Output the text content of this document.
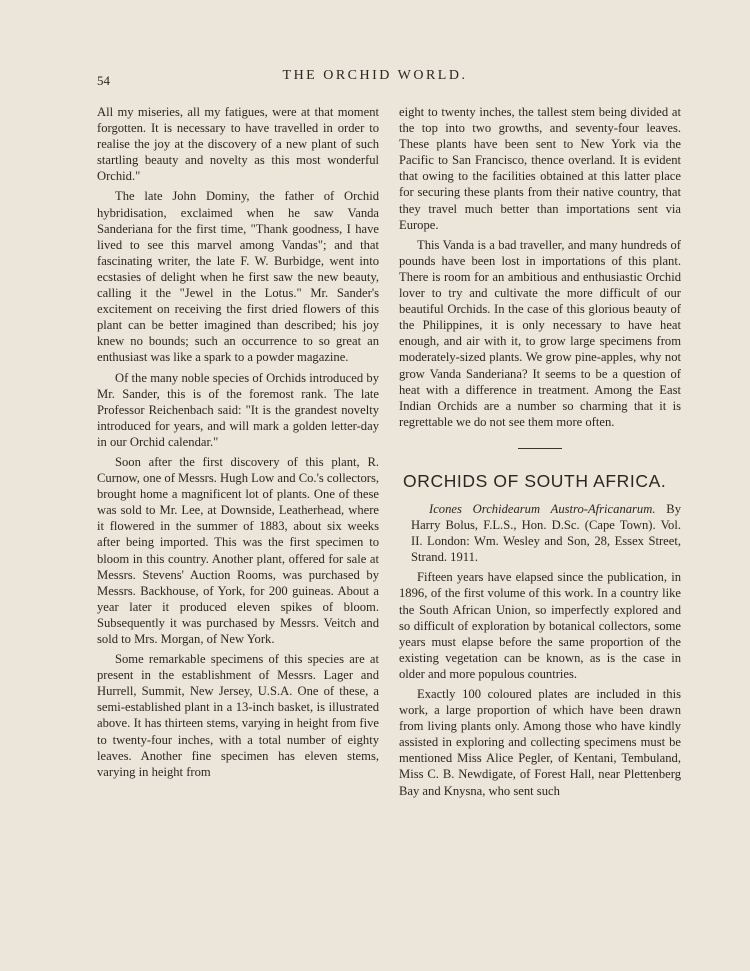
54	THE ORCHID WORLD.

All my miseries, all my fatigues, were at that moment forgotten. It is necessary to have travelled in order to realise the joy at the discovery of a new plant of such startling beauty and novelty as this most wonderful Orchid."

The late John Dominy, the father of Orchid hybridisation, exclaimed when he saw Vanda Sanderiana for the first time, "Thank goodness, I have lived to see this marvel among Vandas"; and that fascinating writer, the late F. W. Burbidge, went into ecstasies of delight when he first saw the new beauty, calling it the "Jewel in the Lotus." Mr. Sander's excitement on receiving the first dried flowers of this plant can be better imagined than described; his joy knew no bounds; such an occurrence to so great an enthusiast was like a spark to a powder magazine.

Of the many noble species of Orchids introduced by Mr. Sander, this is of the foremost rank. The late Professor Reichenbach said: "It is the grandest novelty introduced for years, and will mark a golden letter-day in our Orchid calendar."

Soon after the first discovery of this plant, R. Curnow, one of Messrs. Hugh Low and Co.'s collectors, brought home a magnificent lot of plants. One of these was sold to Mr. Lee, at Downside, Leatherhead, where it flowered in the summer of 1883, about six weeks after being imported. This was the first specimen to bloom in this country. Another plant, offered for sale at Messrs. Stevens' Auction Rooms, was purchased by Messrs. Backhouse, of York, for 200 guineas. About a year later it produced eleven spikes of bloom. Subsequently it was purchased by Messrs. Veitch and sold to Mrs. Morgan, of New York.

Some remarkable specimens of this species are at present in the establishment of Messrs. Lager and Hurrell, Summit, New Jersey, U.S.A. One of these, a semi-established plant in a 13-inch basket, is illustrated above. It has thirteen stems, varying in height from five to twenty-four inches, with a total number of eighty leaves. Another fine specimen has eleven stems, varying in height from

eight to twenty inches, the tallest stem being divided at the top into two growths, and seventy-four leaves. These plants have been sent to New York via the Pacific to San Francisco, thence overland. It is evident that owing to the facilities obtained at this latter place for securing these plants from their native country, that they travel much better than importations sent via Europe.

This Vanda is a bad traveller, and many hundreds of pounds have been lost in importations of this plant. There is room for an ambitious and enthusiastic Orchid lover to try and cultivate the more difficult of our beautiful Orchids. In the case of this glorious beauty of the Philippines, it is only necessary to have heat enough, and air with it, to grow large specimens from moderately-sized plants. We grow pine-apples, why not grow Vanda Sanderiana? It seems to be a question of heat with a difference in treatment. Among the East Indian Orchids are a number so charming that it is regrettable we do not see them more often.

ORCHIDS OF SOUTH AFRICA.

Icones Orchidearum Austro-Africanarum. By Harry Bolus, F.L.S., Hon. D.Sc. (Cape Town). Vol. II. London: Wm. Wesley and Son, 28, Essex Street, Strand. 1911.

Fifteen years have elapsed since the publication, in 1896, of the first volume of this work. In a country like the South African Union, so imperfectly explored and so difficult of exploration by botanical collectors, some years must elapse before the same proportion of the existing vegetation can be known, as is the case in older and more populous countries.

Exactly 100 coloured plates are included in this work, a large proportion of which have been drawn from living plants only. Among those who have kindly assisted in exploring and collecting specimens must be mentioned Miss Alice Pegler, of Kentani, Tembuland, Miss C. B. Newdigate, of Forest Hall, near Plettenberg Bay and Knysna, who sent such
